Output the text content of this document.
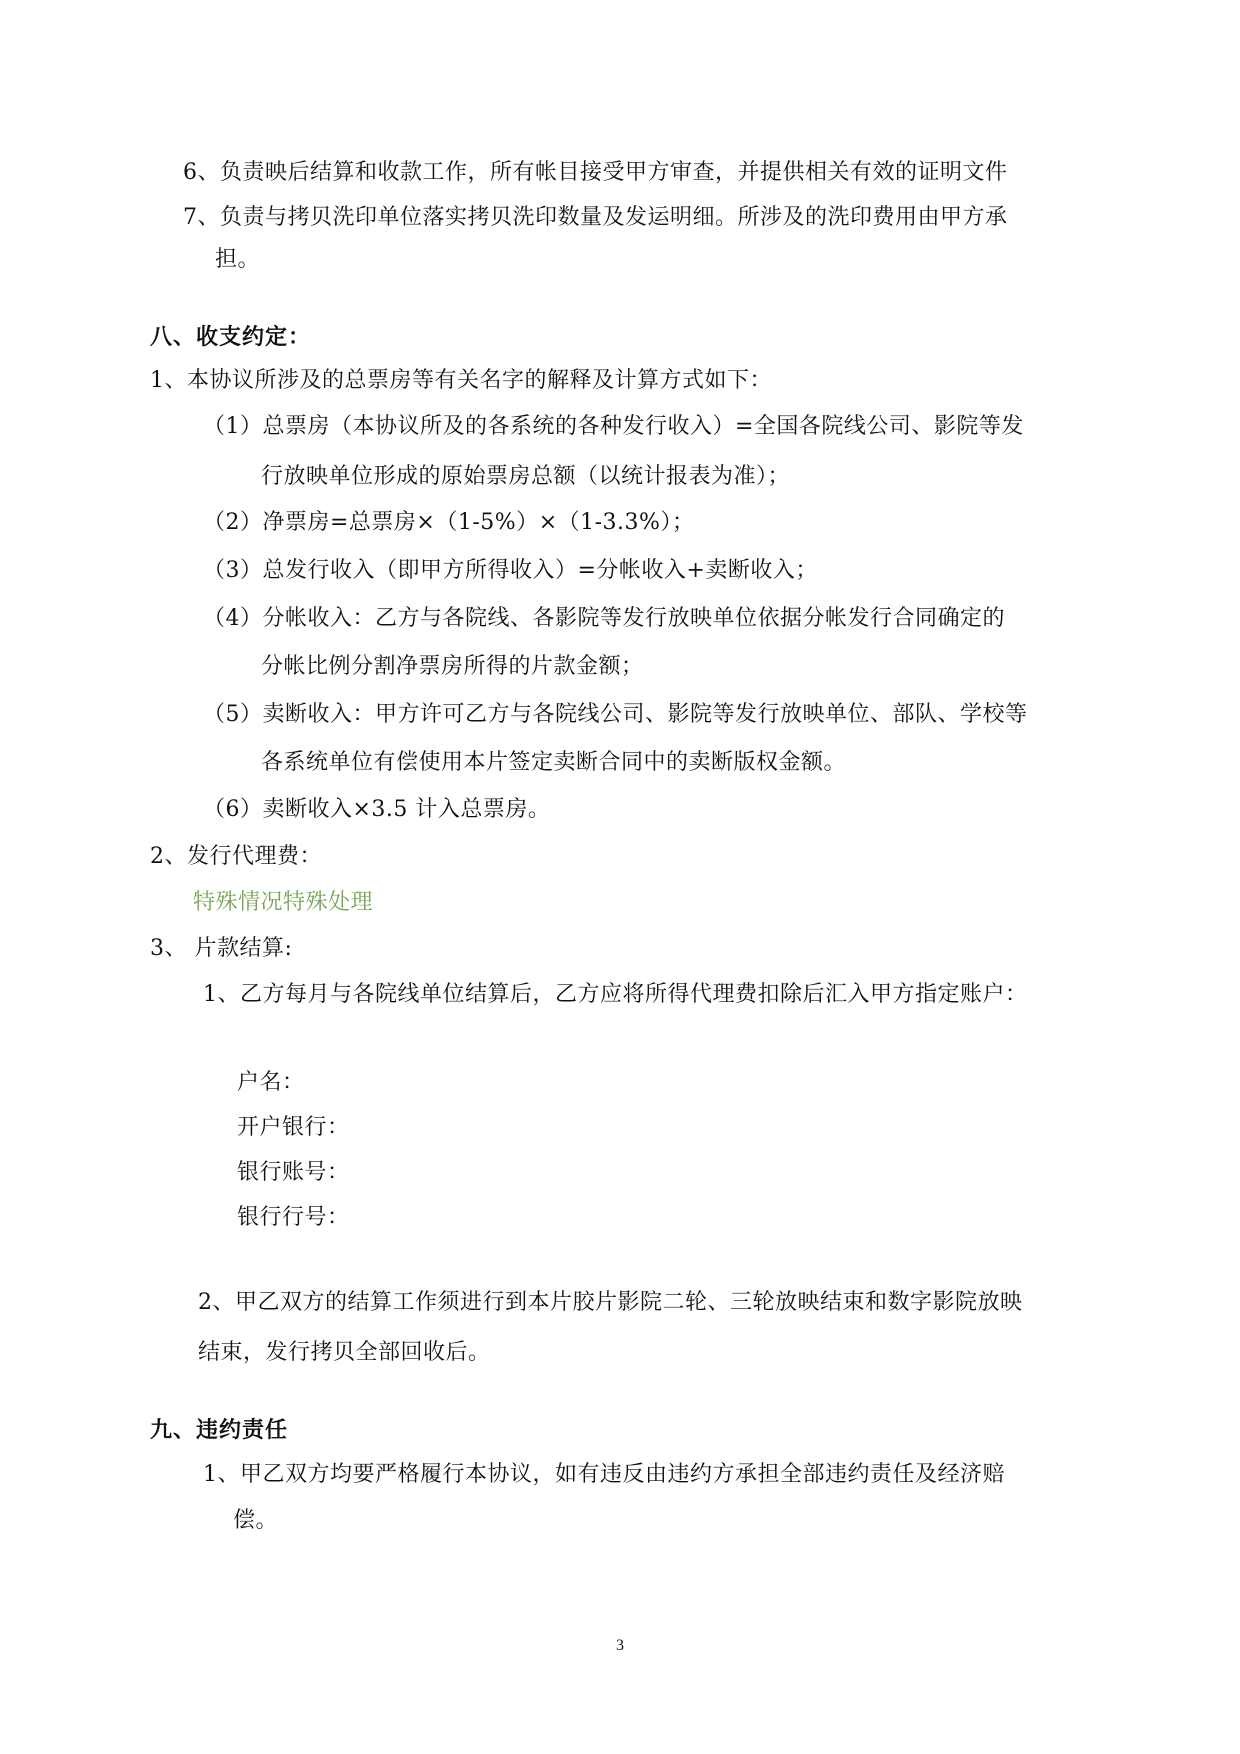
6、负责映后结算和收款工作，所有帐目接受甲方审查，并提供相关有效的证明文件
7、负责与拷贝洗印单位落实拷贝洗印数量及发运明细。所涉及的洗印费用由甲方承
担。
八、收支约定：
1、本协议所涉及的总票房等有关名字的解释及计算方式如下：
（1）总票房（本协议所及的各系统的各种发行收入）=全国各院线公司、影院等发
行放映单位形成的原始票房总额（以统计报表为准）；
（2）净票房=总票房×（1-5%）×（1-3.3%）；
（3）总发行收入（即甲方所得收入）=分帐收入+卖断收入；
（4）分帐收入：乙方与各院线、各影院等发行放映单位依据分帐发行合同确定的
分帐比例分割净票房所得的片款金额；
（5）卖断收入：甲方许可乙方与各院线公司、影院等发行放映单位、部队、学校等
各系统单位有偿使用本片签定卖断合同中的卖断版权金额。
（6）卖断收入×3.5 计入总票房。
2、发行代理费：
特殊情况特殊处理
3、 片款结算:
1、乙方每月与各院线单位结算后，乙方应将所得代理费扣除后汇入甲方指定账户：
户名：
开户银行：
银行账号：
银行行号：
2、甲乙双方的结算工作须进行到本片胶片影院二轮、三轮放映结束和数字影院放映
结束，发行拷贝全部回收后。
九、违约责任
1、甲乙双方均要严格履行本协议，如有违反由违约方承担全部违约责任及经济赔
偿。
3
